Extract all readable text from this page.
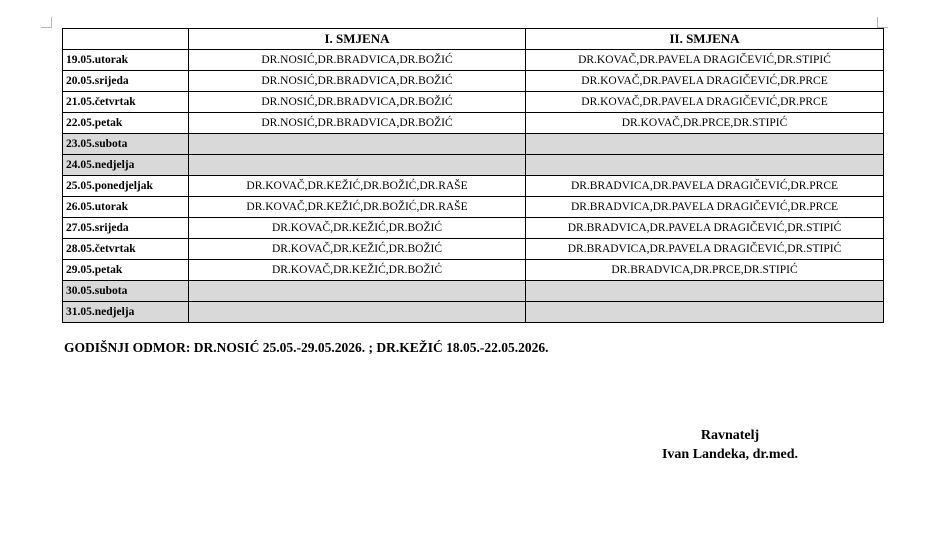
	I. SMJENA	II. SMJENA
19.05.utorak	DR.NOSIĆ,DR.BRADVICA,DR.BOŽIĆ	DR.KOVAČ,DR.PAVELA DRAGIČEVIĆ,DR.STIPIĆ
20.05.srijeda	DR.NOSIĆ,DR.BRADVICA,DR.BOŽIĆ	DR.KOVAČ,DR.PAVELA DRAGIČEVIĆ,DR.PRCE
21.05.četvrtak	DR.NOSIĆ,DR.BRADVICA,DR.BOŽIĆ	DR.KOVAČ,DR.PAVELA DRAGIČEVIĆ,DR.PRCE
22.05.petak	DR.NOSIĆ,DR.BRADVICA,DR.BOŽIĆ	DR.KOVAČ,DR.PRCE,DR.STIPIĆ
23.05.subota		
24.05.nedjelja		
25.05.ponedjeljak	DR.KOVAČ,DR.KEŽIĆ,DR.BOŽIĆ,DR.RAŠE	DR.BRADVICA,DR.PAVELA DRAGIČEVIĆ,DR.PRCE
26.05.utorak	DR.KOVAČ,DR.KEŽIĆ,DR.BOŽIĆ,DR.RAŠE	DR.BRADVICA,DR.PAVELA DRAGIČEVIĆ,DR.PRCE
27.05.srijeda	DR.KOVAČ,DR.KEŽIĆ,DR.BOŽIĆ	DR.BRADVICA,DR.PAVELA DRAGIČEVIĆ,DR.STIPIĆ
28.05.četvrtak	DR.KOVAČ,DR.KEŽIĆ,DR.BOŽIĆ	DR.BRADVICA,DR.PAVELA DRAGIČEVIĆ,DR.STIPIĆ
29.05.petak	DR.KOVAČ,DR.KEŽIĆ,DR.BOŽIĆ	DR.BRADVICA,DR.PRCE,DR.STIPIĆ
30.05.subota		
31.05.nedjelja		
GODIŠNJI ODMOR: DR.NOSIĆ 25.05.-29.05.2026. ; DR.KEŽIĆ 18.05.-22.05.2026.
Ravnatelj
Ivan Landeka, dr.med.
